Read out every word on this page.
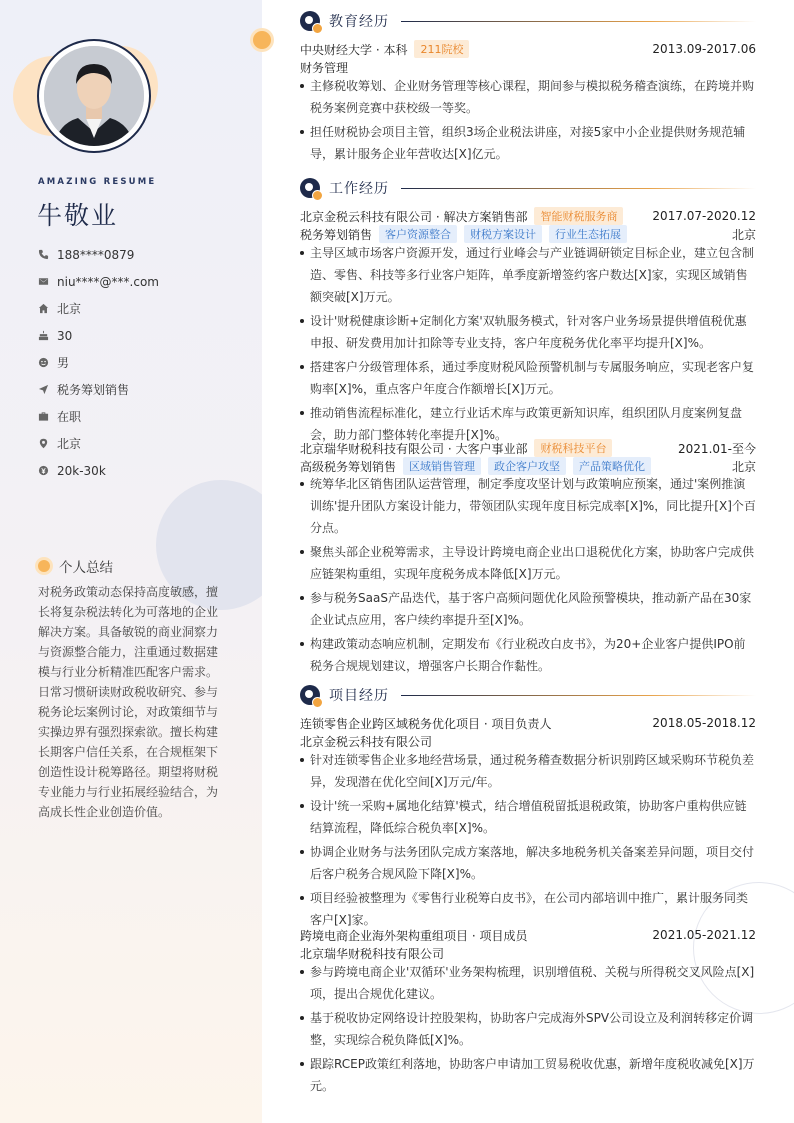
AMAZING RESUME
牛敬业
188****0879
niu****@***.com
北京
30
男
税务筹划销售
在职
北京
20k-30k
个人总结
对税务政策动态保持高度敏感，擅长将复杂税法转化为可落地的企业解决方案。具备敏锐的商业洞察力与资源整合能力，注重通过数据建模与行业分析精准匹配客户需求。日常习惯研读财政税收研究、参与税务论坛案例讨论，对政策细节与实操边界有强烈探索欲。擅长构建长期客户信任关系，在合规框架下创造性设计税筹路径。期望将财税专业能力与行业拓展经验结合，为高成长性企业创造价值。
教育经历
中央财经大学 · 本科	211院校	2013.09-2017.06
财务管理
主修税收筹划、企业财务管理等核心课程，期间参与模拟税务稽查演练，在跨境并购税务案例竞赛中获校级一等奖。
担任财税协会项目主管，组织3场企业税法讲座，对接5家中小企业提供财务规范辅导，累计服务企业年营收达[X]亿元。
工作经历
北京金税云科技有限公司 · 解决方案销售部	智能财税服务商	2017.07-2020.12
税务筹划销售	客户资源整合	财税方案设计	行业生态拓展	北京
主导区域市场客户资源开发，通过行业峰会与产业链调研锁定目标企业，建立包含制造、零售、科技等多行业客户矩阵，单季度新增签约客户数达[X]家，实现区域销售额突破[X]万元。
设计'财税健康诊断+定制化方案'双轨服务模式，针对客户业务场景提供增值税优惠申报、研发费用加计扣除等专业支持，客户年度税务优化率平均提升[X]%。
搭建客户分级管理体系，通过季度财税风险预警机制与专属服务响应，实现老客户复购率[X]%，重点客户年度合作额增长[X]万元。
推动销售流程标准化，建立行业话术库与政策更新知识库，组织团队月度案例复盘会，助力部门整体转化率提升[X]%。
北京瑞华财税科技有限公司 · 大客户事业部	财税科技平台	2021.01-至今
高级税务筹划销售	区域销售管理	政企客户攻坚	产品策略优化	北京
统筹华北区销售团队运营管理，制定季度攻坚计划与政策响应预案，通过'案例推演训练'提升团队方案设计能力，带领团队实现年度目标完成率[X]%，同比提升[X]个百分点。
聚焦头部企业税筹需求，主导设计跨境电商企业出口退税优化方案，协助客户完成供应链架构重组，实现年度税务成本降低[X]万元。
参与税务SaaS产品迭代，基于客户高频问题优化风险预警模块，推动新产品在30家企业试点应用，客户续约率提升至[X]%。
构建政策动态响应机制，定期发布《行业税改白皮书》，为20+企业客户提供IPO前税务合规规划建议，增强客户长期合作黏性。
项目经历
连锁零售企业跨区域税务优化项目 · 项目负责人	2018.05-2018.12
北京金税云科技有限公司
针对连锁零售企业多地经营场景，通过税务稽查数据分析识别跨区域采购环节税负差异，发现潜在优化空间[X]万元/年。
设计'统一采购+属地化结算'模式，结合增值税留抵退税政策，协助客户重构供应链结算流程，降低综合税负率[X]%。
协调企业财务与法务团队完成方案落地，解决多地税务机关备案差异问题，项目交付后客户税务合规风险下降[X]%。
项目经验被整理为《零售行业税筹白皮书》，在公司内部培训中推广，累计服务同类客户[X]家。
跨境电商企业海外架构重组项目 · 项目成员	2021.05-2021.12
北京瑞华财税科技有限公司
参与跨境电商企业'双循环'业务架构梳理，识别增值税、关税与所得税交叉风险点[X]项，提出合规优化建议。
基于税收协定网络设计控股架构，协助客户完成海外SPV公司设立及利润转移定价调整，实现综合税负降低[X]%。
跟踪RCEP政策红利落地，协助客户申请加工贸易税收优惠，新增年度税收减免[X]万元。
